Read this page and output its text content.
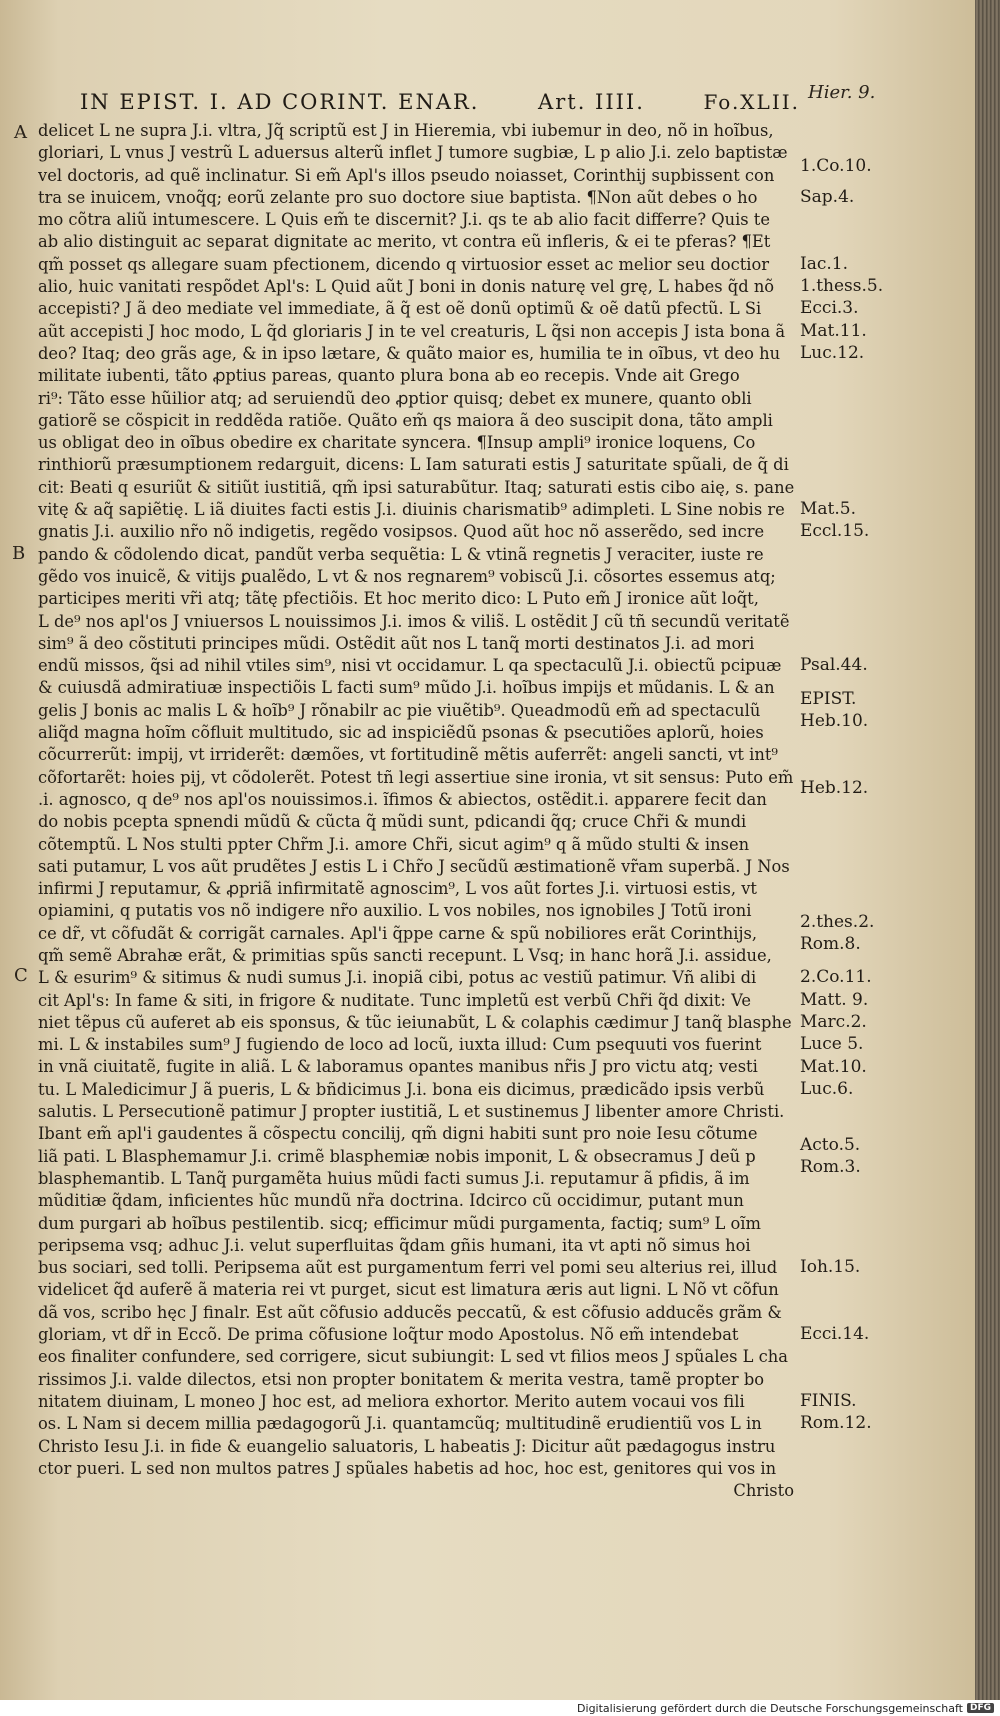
IN EPIST. I. AD CORINT. ENAR.	Art. IIII.	Fo.XLII. Hier. 9.
A
B
C
delicet L ne supra J.i. vltra, Jq̃ scriptũ est J in Hieremia, vbi iubemur in deo, nõ in hoĩbus,
gloriari, L vnus J vestrũ L aduersus alterũ inflet J tumore sugbiæ, L p alio J.i. zelo baptistæ
vel doctoris, ad quẽ inclinatur. Si em̃ Apl's illos pseudo noiasset, Corinthij supbissent con
tra se inuicem, vnoq̃q; eorũ zelante pro suo doctore siue baptista. ¶Non aũt debes o ho
mo cõtra aliũ intumescere. L Quis em̃ te discernit? J.i. qs te ab alio facit differre? Quis te
ab alio distinguit ac separat dignitate ac merito, vt contra eũ infleris, & ei te pferas? ¶Et
qm̃ posset qs allegare suam pfectionem, dicendo q virtuosior esset ac melior seu doctior
alio, huic vanitati respõdet Apl's: L Quid aũt J boni in donis naturę vel grę, L habes q̃d nõ
accepisti? J ã deo mediate vel immediate, ã q̃ est oẽ donũ optimũ & oẽ datũ pfectũ. L Si
aũt accepisti J hoc modo, L q̃d gloriaris J in te vel creaturis, L q̃si non accepis J ista bona ã
deo? Itaq; deo grãs age, & in ipso lætare, & quãto maior es, humilia te in oĩbus, vt deo hu
militate iubenti, tãto ꝓptius pareas, quanto plura bona ab eo recepis. Vnde ait Grego
ri⁹: Tãto esse hũilior atq; ad seruiendũ deo ꝓptior quisq; debet ex munere, quanto obli
gatiorẽ se cõspicit in reddẽda ratiõe. Quãto em̃ qs maiora ã deo suscipit dona, tãto ampli
us obligat deo in oĩbus obedire ex charitate syncera. ¶Insup ampli⁹ ironice loquens, Co
rinthiorũ præsumptionem redarguit, dicens: L Iam saturati estis J saturitate spũali, de q̃ di
cit: Beati q esuriũt & sitiũt iustitiã, qm̃ ipsi saturabũtur. Itaq; saturati estis cibo aię, s. pane
vitę & aq̃ sapiẽtię. L iã diuites facti estis J.i. diuinis charismatib⁹ adimpleti. L Sine nobis re
gnatis J.i. auxilio nr̃o nõ indigetis, regẽdo vosipsos. Quod aũt hoc nõ asserẽdo, sed incre
pando & cõdolendo dicat, pandũt verba sequẽtia: L & vtinã regnetis J veraciter, iuste re
gẽdo vos inuicẽ, & vitijs ꝑualẽdo, L vt & nos regnarem⁹ vobiscũ J.i. cõsortes essemus atq;
participes meriti vr̃i atq; tãtę pfectiõis. Et hoc merito dico: L Puto em̃ J ironice aũt loq̃t,
L de⁹ nos apl'os J vniuersos L nouissimos J.i. imos & vilis̃. L ostẽdit J cũ tñ secundũ veritatẽ
sim⁹ ã deo cõstituti principes mũdi. Ostẽdit aũt nos L tanq̃ morti destinatos J.i. ad mori
endũ missos, q̃si ad nihil vtiles sim⁹, nisi vt occidamur. L qa spectaculũ J.i. obiectũ pcipuæ
& cuiusdã admiratiuæ inspectiõis L facti sum⁹ mũdo J.i. hoĩbus impijs et mũdanis. L & an
gelis J bonis ac malis L & hoĩb⁹ J rõnabilr ac pie viuẽtib⁹. Queadmodũ em̃ ad spectaculũ
aliq̃d magna hoĩm cõfluit multitudo, sic ad inspiciẽdũ psonas & psecutiões aplorũ, hoies
cõcurrerũt: impij, vt irriderẽt: dæmões, vt fortitudinẽ mẽtis auferrẽt: angeli sancti, vt int⁹
cõfortarẽt: hoies pij, vt cõdolerẽt. Potest tñ legi assertiue sine ironia, vt sit sensus: Puto em̃
.i. agnosco, q de⁹ nos apl'os nouissimos.i. ĩfimos & abiectos, ostẽdit.i. apparere fecit dan
do nobis pcepta spnendi mũdũ & cũcta q̃ mũdi sunt, pdicandi q̃q; cruce Chr̃i & mundi
cõtemptũ. L Nos stulti ppter Chr̃m J.i. amore Chr̃i, sicut agim⁹ q ã mũdo stulti & insen
sati putamur, L vos aũt prudẽtes J estis L i Chr̃o J secũdũ æstimationẽ vr̃am superbã. J Nos
infirmi J reputamur, & ꝓpriã infirmitatẽ agnoscim⁹, L vos aũt fortes J.i. virtuosi estis, vt
opiamini, q putatis vos nõ indigere nr̃o auxilio. L vos nobiles, nos ignobiles J Totũ ironi
ce dr̃, vt cõfudãt & corrigãt carnales. Apl'i q̃ppe carne & spũ nobiliores erãt Corinthijs,
qm̃ semẽ Abrahæ erãt, & primitias spũs sancti recepunt. L Vsq; in hanc horã J.i. assidue,
L & esurim⁹ & sitimus & nudi sumus J.i. inopiã cibi, potus ac vestiũ patimur. Vñ alibi di
cit Apl's: In fame & siti, in frigore & nuditate. Tunc impletũ est verbũ Chr̃i q̃d dixit: Ve
niet tẽpus cũ auferet ab eis sponsus, & tũc ieiunabũt, L & colaphis cædimur J tanq̃ blasphe
mi. L & instabiles sum⁹ J fugiendo de loco ad locũ, iuxta illud: Cum psequuti vos fuerint
in vnã ciuitatẽ, fugite in aliã. L & laboramus opantes manibus nr̃is J pro victu atq; vesti
tu. L Maledicimur J ã pueris, L & bñdicimus J.i. bona eis dicimus, prædicãdo ipsis verbũ
salutis. L Persecutionẽ patimur J propter iustitiã, L et sustinemus J libenter amore Christi.
Ibant em̃ apl'i gaudentes ã cõspectu concilij, qm̃ digni habiti sunt pro noie Iesu cõtume
liã pati. L Blasphemamur J.i. crimẽ blasphemiæ nobis imponit, L & obsecramus J deũ p
blasphemantib. L Tanq̃ purgamẽta huius mũdi facti sumus J.i. reputamur ã pfidis, ã im
mũditiæ q̃dam, inficientes hũc mundũ nr̃a doctrina. Idcirco cũ occidimur, putant mun
dum purgari ab hoĩbus pestilentib. sicq; efficimur mũdi purgamenta, factiq; sum⁹ L oĩm
peripsema vsq; adhuc J.i. velut superfluitas q̃dam gñis humani, ita vt apti nõ simus hoi
bus sociari, sed tolli. Peripsema aũt est purgamentum ferri vel pomi seu alterius rei, illud
videlicet q̃d auferẽ ã materia rei vt purget, sicut est limatura æris aut ligni. L Nõ vt cõfun
dã vos, scribo hęc J finalr. Est aũt cõfusio adducẽs peccatũ, & est cõfusio adducẽs grãm &
gloriam, vt dr̃ in Eccõ. De prima cõfusione loq̃tur modo Apostolus. Nõ em̃ intendebat
eos finaliter confundere, sed corrigere, sicut subiungit: L sed vt filios meos J spũales L cha
rissimos J.i. valde dilectos, etsi non propter bonitatem & merita vestra, tamẽ propter bo
nitatem diuinam, L moneo J hoc est, ad meliora exhortor. Merito autem vocaui vos fili
os. L Nam si decem millia pædagogorũ J.i. quantamcũq; multitudinẽ erudientiũ vos L in
Christo Iesu J.i. in fide & euangelio saluatoris, L habeatis J: Dicitur aũt pædagogus instru
ctor pueri. L sed non multos patres J spũales habetis ad hoc, hoc est, genitores qui vos in
Christo
1.Co.10.
Sap.4.
Iac.1.
1.thess.5.
Ecci.3.
Mat.11.
Luc.12.
Mat.5.
Eccl.15.
Psal.44.
EPIST.
Heb.10.
Heb.12.
2.thes.2.
Rom.8.
2.Co.11.
Matt. 9.
Marc.2.
Luce 5.
Mat.10.
Luc.6.
Acto.5.
Rom.3.
Ioh.15.
Ecci.14.
FINIS.
Rom.12.
Digitalisierung gefördert durch die Deutsche Forschungsgemeinschaft DFG
